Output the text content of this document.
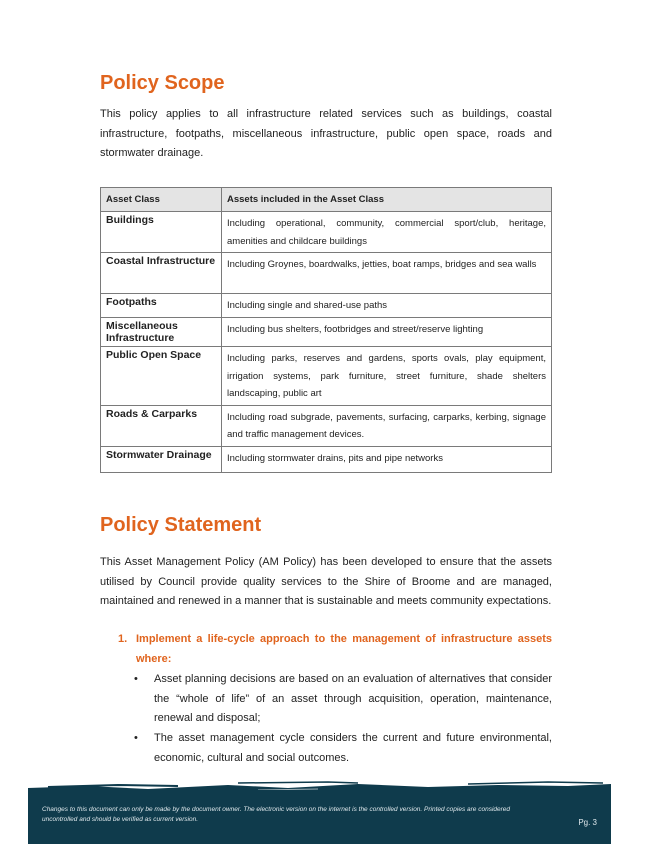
Policy Scope
This policy applies to all infrastructure related services such as buildings, coastal infrastructure, footpaths, miscellaneous infrastructure, public open space, roads and stormwater drainage.
Asset Class	Assets included in the Asset Class
Buildings	Including operational, community, commercial sport/club, heritage, amenities and childcare buildings
Coastal Infrastructure	Including Groynes, boardwalks, jetties, boat ramps, bridges and sea walls
Footpaths	Including single and shared-use paths
Miscellaneous Infrastructure	Including bus shelters, footbridges and street/reserve lighting
Public Open Space	Including parks, reserves and gardens, sports ovals, play equipment, irrigation systems, park furniture, street furniture, shade shelters landscaping, public art
Roads & Carparks	Including road subgrade, pavements, surfacing, carparks, kerbing, signage and traffic management devices.
Stormwater Drainage	Including stormwater drains, pits and pipe networks
Policy Statement
This Asset Management Policy (AM Policy) has been developed to ensure that the assets utilised by Council provide quality services to the Shire of Broome and are managed, maintained and renewed in a manner that is sustainable and meets community expectations.
1. Implement a life-cycle approach to the management of infrastructure assets where:
• Asset planning decisions are based on an evaluation of alternatives that consider the “whole of life” of an asset through acquisition, operation, maintenance, renewal and disposal;
• The asset management cycle considers the current and future environmental, economic, cultural and social outcomes.
Changes to this document can only be made by the document owner. The electronic version on the internet is the controlled version. Printed copies are considered uncontrolled and should be verified as current version.	Pg. 3
